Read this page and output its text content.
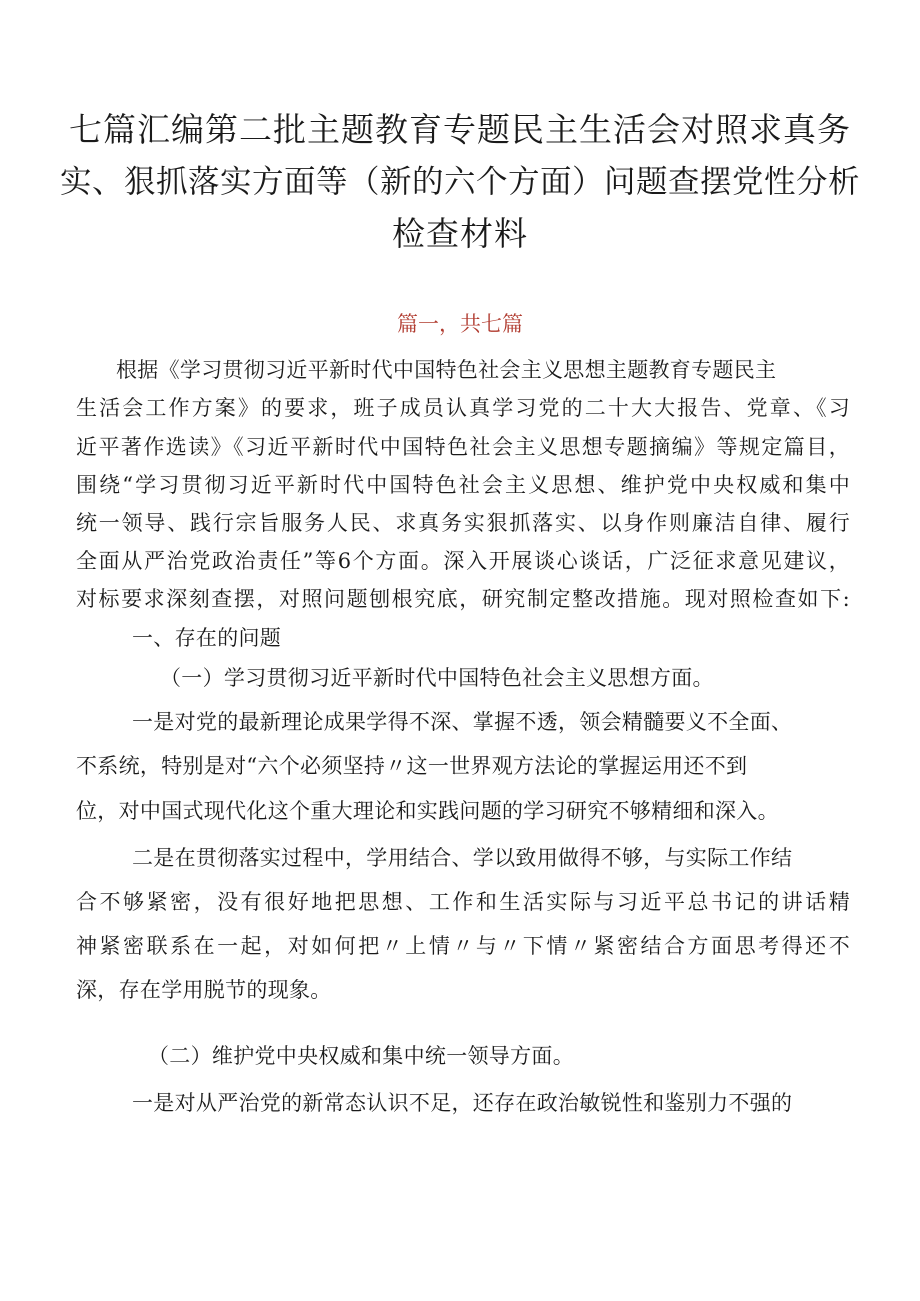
七篇汇编第二批主题教育专题民主生活会对照求真务
实、狠抓落实方面等（新的六个方面）问题查摆党性分析
检查材料
篇一，共七篇
根据《学习贯彻习近平新时代中国特色社会主义思想主题教育专题民主
生活会工作方案》的要求，班子成员认真学习党的二十大大报告、党章、《习
近平著作选读》《习近平新时代中国特色社会主义思想专题摘编》等规定篇目，
围绕“学习贯彻习近平新时代中国特色社会主义思想、维护党中央权威和集中
统一领导、践行宗旨服务人民、求真务实狠抓落实、以身作则廉洁自律、履行
全面从严治党政治责任”等6个方面。深入开展谈心谈话，广泛征求意见建议，
对标要求深刻查摆，对照问题刨根究底，研究制定整改措施。现对照检查如下:
一、存在的问题
（一）学习贯彻习近平新时代中国特色社会主义思想方面。
一是对党的最新理论成果学得不深、掌握不透，领会精髓要义不全面、
不系统，特别是对“六个必须坚持〃这一世界观方法论的掌握运用还不到
位，对中国式现代化这个重大理论和实践问题的学习研究不够精细和深入。
二是在贯彻落实过程中，学用结合、学以致用做得不够，与实际工作结
合不够紧密，没有很好地把思想、工作和生活实际与习近平总书记的讲话精
神紧密联系在一起，对如何把〃上情〃与〃下情〃紧密结合方面思考得还不
深，存在学用脱节的现象。
（二）维护党中央权威和集中统一领导方面。
一是对从严治党的新常态认识不足，还存在政治敏锐性和鉴别力不强的
